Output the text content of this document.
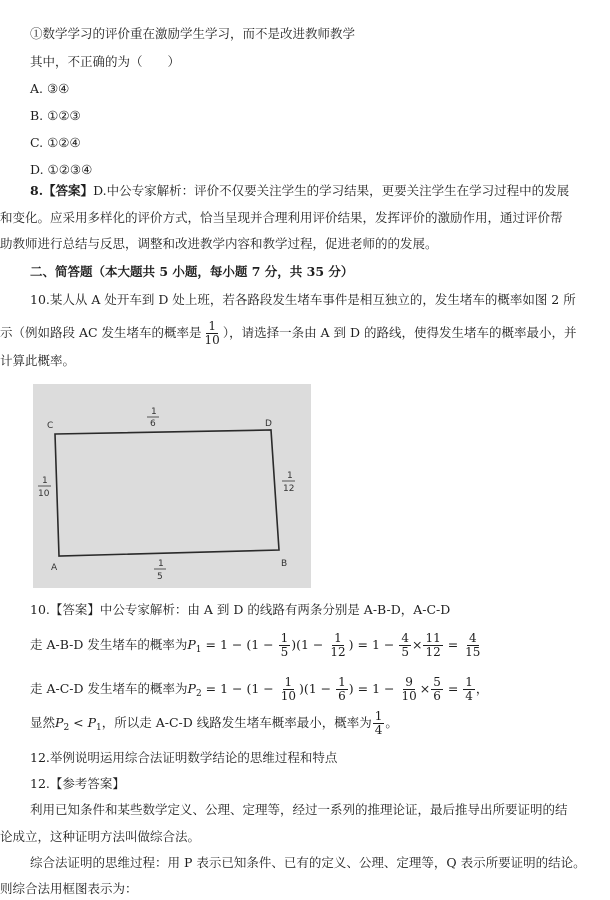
①数学学习的评价重在激励学生学习，而不是改进教师教学
其中，不正确的为（　　）
A. ③④
B. ①②③
C. ①②④
D. ①②③④
8.【答案】D.中公专家解析：评价不仅要关注学生的学习结果，更要关注学生在学习过程中的发展
和变化。应采用多样化的评价方式，恰当呈现并合理利用评价结果，发挥评价的激励作用，通过评价帮
助教师进行总结与反思，调整和改进教学内容和教学过程，促进老师的的发展。
二、简答题（本大题共 5 小题，每小题 7 分，共 35 分）
10.某人从 A 处开车到 D 处上班，若各路段发生堵车事件是相互独立的，发生堵车的概率如图 2 所
示（例如路段 AC 发生堵车的概率是 $\frac{1}{10}$ ），请选择一条由 A 到 D 的路线，使得发生堵车的概率最小，并
计算此概率。
C	D
A	B
1
6
1
10
1
12
1
5
10.【答案】中公专家解析：由 A 到 D 的线路有两条分别是 A-B-D，A-C-D
走 A-B-D 发生堵车的概率为$P_1 = 1 - (1 - \frac{1}{5} )(1 - \frac{1}{12}$ ) = $1 - \frac{4}{5} \times \frac{11}{12} = \frac{4}{15}$
走 A-C-D 发生堵车的概率为$P_2 = 1 - (1 - \frac{1}{10} )(1 - \frac{1}{6}$ ) = $1 - \frac{9}{10} \times \frac{5}{6} = \frac{1}{4}$ ，
显然$P_2 < P_1$，所以走 A-C-D 线路发生堵车概率最小，概率为 $\frac{1}{4}$ 。
12.举例说明运用综合法证明数学结论的思维过程和特点
12.【参考答案】
利用已知条件和某些数学定义、公理、定理等，经过一系列的推理论证，最后推导出所要证明的结
论成立，这种证明方法叫做综合法。
综合法证明的思维过程：用 P 表示已知条件、已有的定义、公理、定理等，Q 表示所要证明的结论。
则综合法用框图表示为：
